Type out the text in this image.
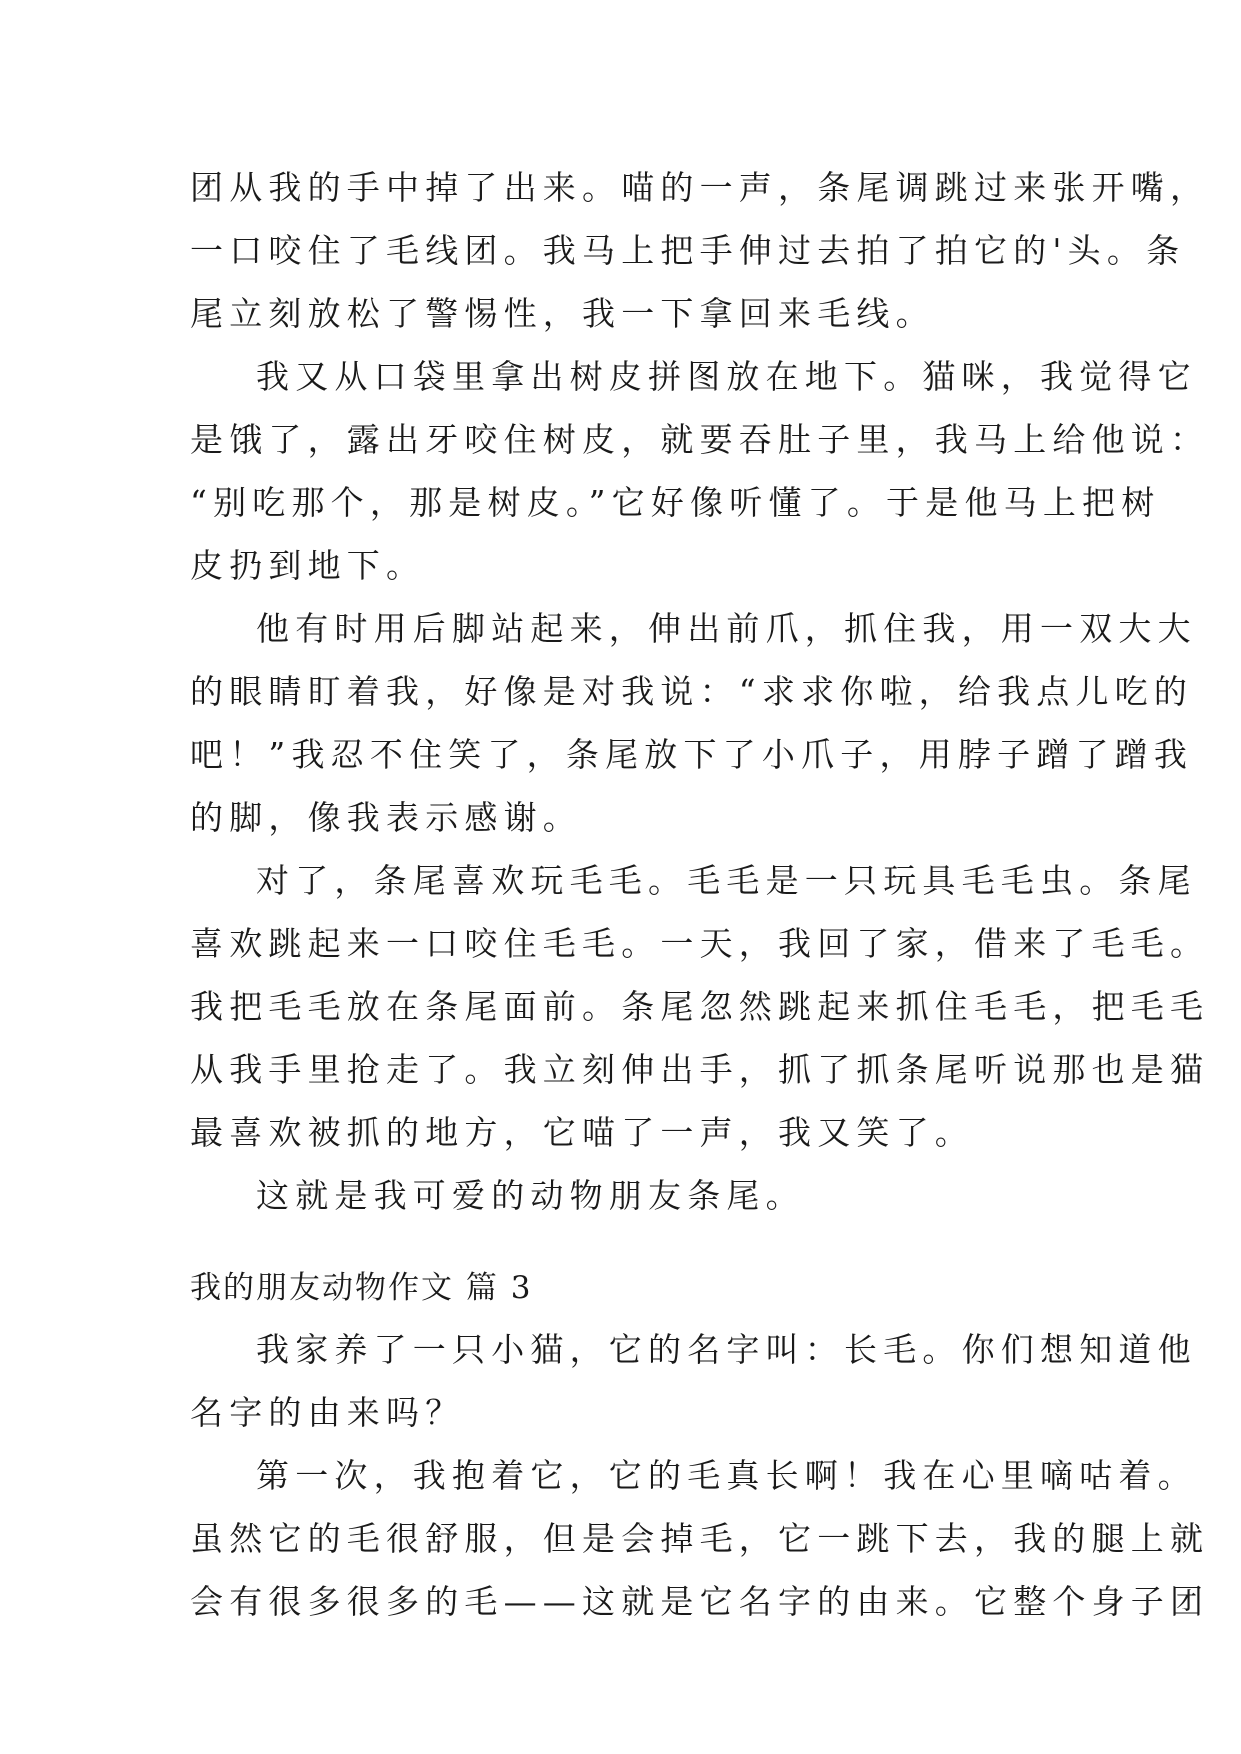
团从我的手中掉了出来。喵的一声，条尾调跳过来张开嘴，
一口咬住了毛线团。我马上把手伸过去拍了拍它的'头。条
尾立刻放松了警惕性，我一下拿回来毛线。
我又从口袋里拿出树皮拼图放在地下。猫咪，我觉得它
是饿了，露出牙咬住树皮，就要吞肚子里，我马上给他说：
“别吃那个，那是树皮。”它好像听懂了。于是他马上把树
皮扔到地下。
他有时用后脚站起来，伸出前爪，抓住我，用一双大大
的眼睛盯着我，好像是对我说：“求求你啦，给我点儿吃的
吧！”我忍不住笑了，条尾放下了小爪子，用脖子蹭了蹭我
的脚，像我表示感谢。
对了，条尾喜欢玩毛毛。毛毛是一只玩具毛毛虫。条尾
喜欢跳起来一口咬住毛毛。一天，我回了家，借来了毛毛。
我把毛毛放在条尾面前。条尾忽然跳起来抓住毛毛，把毛毛
从我手里抢走了。我立刻伸出手，抓了抓条尾听说那也是猫
最喜欢被抓的地方，它喵了一声，我又笑了。
这就是我可爱的动物朋友条尾。
我的朋友动物作文 篇 3
我家养了一只小猫，它的名字叫：长毛。你们想知道他
名字的由来吗？
第一次，我抱着它，它的毛真长啊！我在心里嘀咕着。
虽然它的毛很舒服，但是会掉毛，它一跳下去，我的腿上就
会有很多很多的毛——这就是它名字的由来。它整个身子团
